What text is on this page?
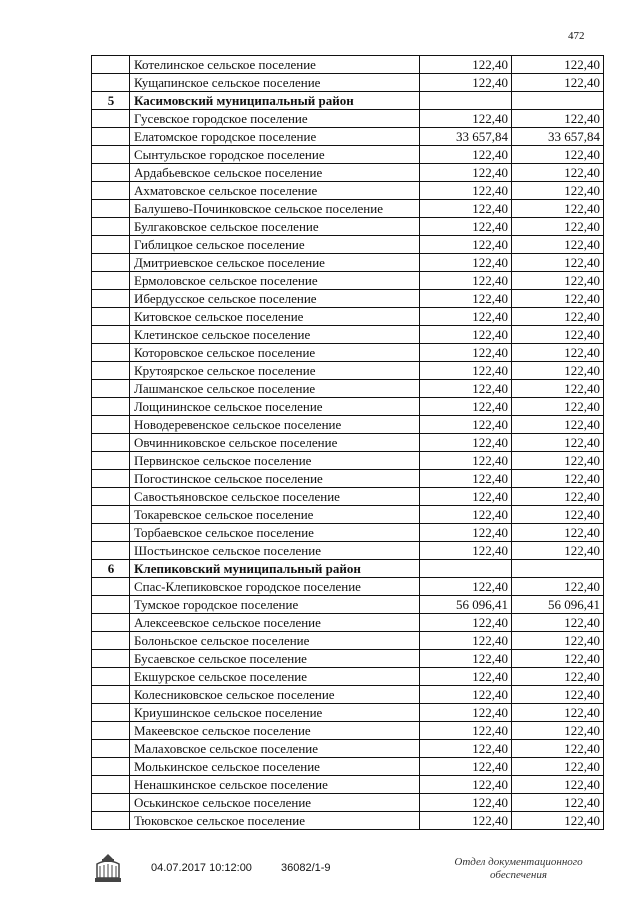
472
	Котелинское сельское поселение	122,40	122,40
	Кущапинское сельское поселение	122,40	122,40
5	Касимовский муниципальный район		
	Гусевское городское поселение	122,40	122,40
	Елатомское городское поселение	33 657,84	33 657,84
	Сынтульское городское поселение	122,40	122,40
	Ардабьевское сельское поселение	122,40	122,40
	Ахматовское сельское поселение	122,40	122,40
	Балушево-Починковское сельское поселение	122,40	122,40
	Булгаковское сельское поселение	122,40	122,40
	Гиблицкое сельское поселение	122,40	122,40
	Дмитриевское сельское поселение	122,40	122,40
	Ермоловское сельское поселение	122,40	122,40
	Ибердусское сельское поселение	122,40	122,40
	Китовское сельское поселение	122,40	122,40
	Клетинское сельское поселение	122,40	122,40
	Которовское сельское поселение	122,40	122,40
	Крутоярское сельское поселение	122,40	122,40
	Лашманское сельское поселение	122,40	122,40
	Лощининское сельское поселение	122,40	122,40
	Новодеревенское сельское поселение	122,40	122,40
	Овчинниковское сельское поселение	122,40	122,40
	Первинское сельское поселение	122,40	122,40
	Погостинское сельское поселение	122,40	122,40
	Савостьяновское сельское поселение	122,40	122,40
	Токаревское сельское поселение	122,40	122,40
	Торбаевское сельское поселение	122,40	122,40
	Шостьинское сельское поселение	122,40	122,40
6	Клепиковский муниципальный район		
	Спас-Клепиковское городское поселение	122,40	122,40
	Тумское городское поселение	56 096,41	56 096,41
	Алексеевское сельское поселение	122,40	122,40
	Болоньское сельское поселение	122,40	122,40
	Бусаевское сельское поселение	122,40	122,40
	Екшурское сельское поселение	122,40	122,40
	Колесниковское сельское поселение	122,40	122,40
	Криушинское сельское поселение	122,40	122,40
	Макеевское сельское поселение	122,40	122,40
	Малаховское сельское поселение	122,40	122,40
	Молькинское сельское поселение	122,40	122,40
	Ненашкинское сельское поселение	122,40	122,40
	Оськинское сельское поселение	122,40	122,40
	Тюковское сельское поселение	122,40	122,40
04.07.2017 10:12:00	36082/1-9	Отдел документационного
обеспечения
